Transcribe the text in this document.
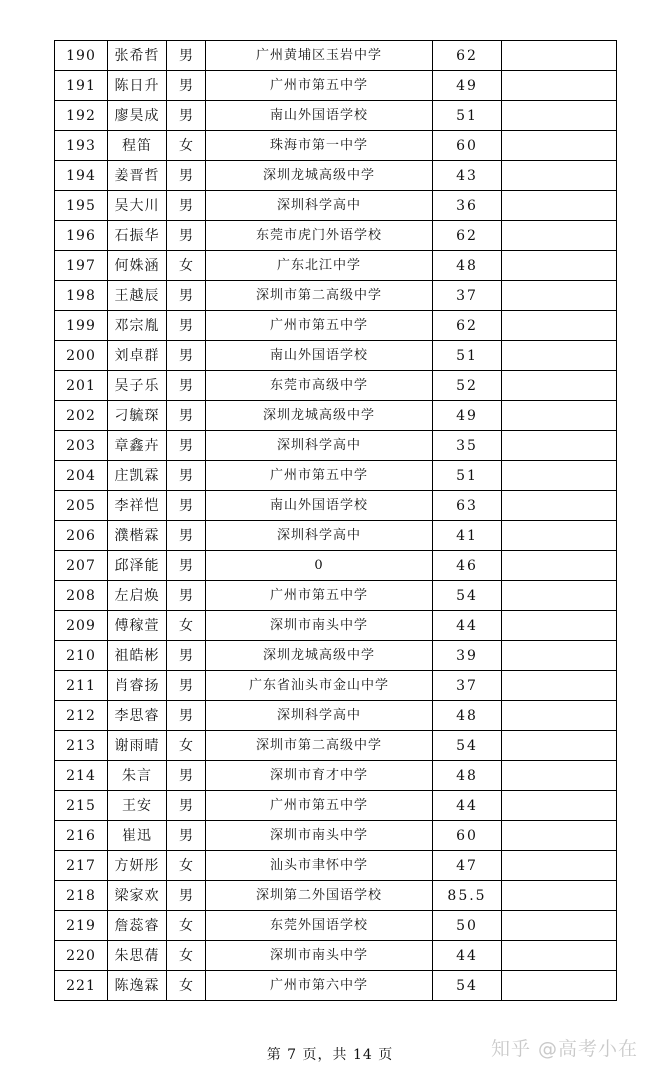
190	张希哲	男	广州黄埔区玉岩中学	62	
191	陈日升	男	广州市第五中学	49	
192	廖昊成	男	南山外国语学校	51	
193	程笛	女	珠海市第一中学	60	
194	姜晋哲	男	深圳龙城高级中学	43	
195	吴大川	男	深圳科学高中	36	
196	石振华	男	东莞市虎门外语学校	62	
197	何姝涵	女	广东北江中学	48	
198	王越辰	男	深圳市第二高级中学	37	
199	邓宗胤	男	广州市第五中学	62	
200	刘卓群	男	南山外国语学校	51	
201	吴子乐	男	东莞市高级中学	52	
202	刁毓琛	男	深圳龙城高级中学	49	
203	章鑫卉	男	深圳科学高中	35	
204	庄凯霖	男	广州市第五中学	51	
205	李祥恺	男	南山外国语学校	63	
206	濮楷霖	男	深圳科学高中	41	
207	邱泽能	男	0	46	
208	左启焕	男	广州市第五中学	54	
209	傅稼萱	女	深圳市南头中学	44	
210	祖皓彬	男	深圳龙城高级中学	39	
211	肖睿扬	男	广东省汕头市金山中学	37	
212	李思睿	男	深圳科学高中	48	
213	谢雨晴	女	深圳市第二高级中学	54	
214	朱言	男	深圳市育才中学	48	
215	王安	男	广州市第五中学	44	
216	崔迅	男	深圳市南头中学	60	
217	方妍彤	女	汕头市聿怀中学	47	
218	梁家欢	男	深圳第二外国语学校	85.5	
219	詹蕊睿	女	东莞外国语学校	50	
220	朱思蒨	女	深圳市南头中学	44	
221	陈逸霖	女	广州市第六中学	54	
第 7 页，共 14 页	知乎 @高考小在
